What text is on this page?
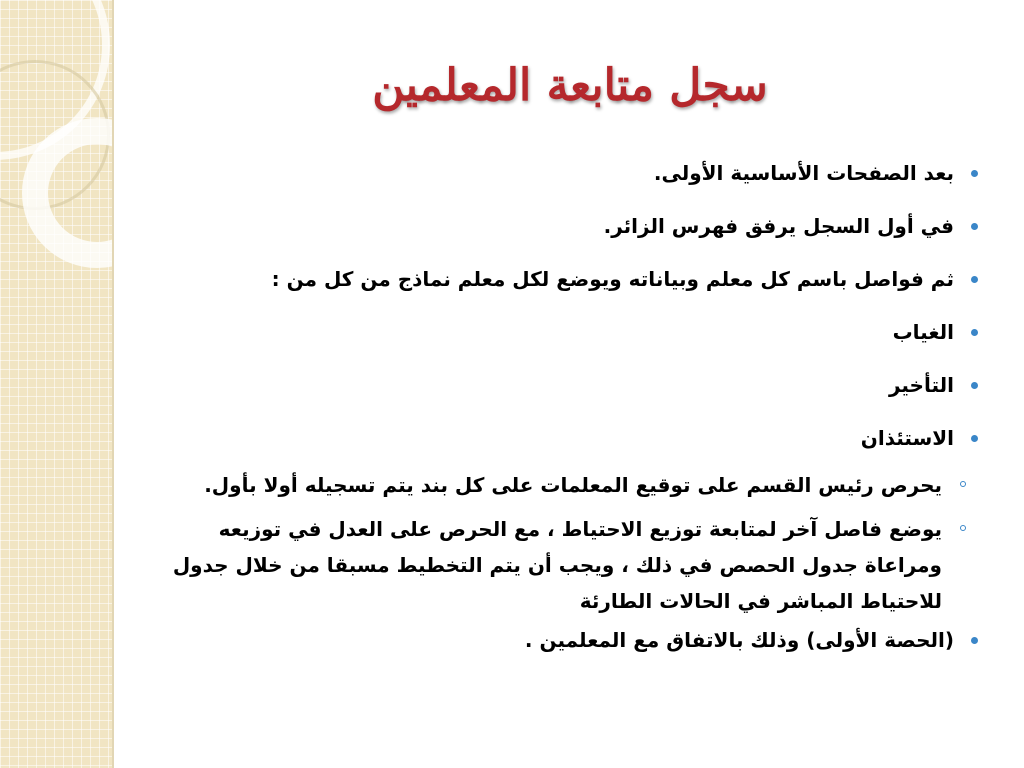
سجل متابعة المعلمين
بعد الصفحات الأساسية الأولى.
في أول السجل يرفق فهرس الزائر.
ثم فواصل باسم كل معلم وبياناته ويوضع لكل معلم نماذج من كل من :
الغياب
التأخير
الاستئذان
يحرص رئيس القسم على توقيع المعلمات على كل بند يتم تسجيله أولا بأول.
يوضع فاصل آخر لمتابعة توزيع الاحتياط ، مع الحرص على العدل في توزيعه ومراعاة جدول الحصص في ذلك ، ويجب أن يتم التخطيط مسبقا من خلال جدول للاحتياط المباشر في الحالات الطارئة
(الحصة الأولى) وذلك بالاتفاق مع المعلمين .
